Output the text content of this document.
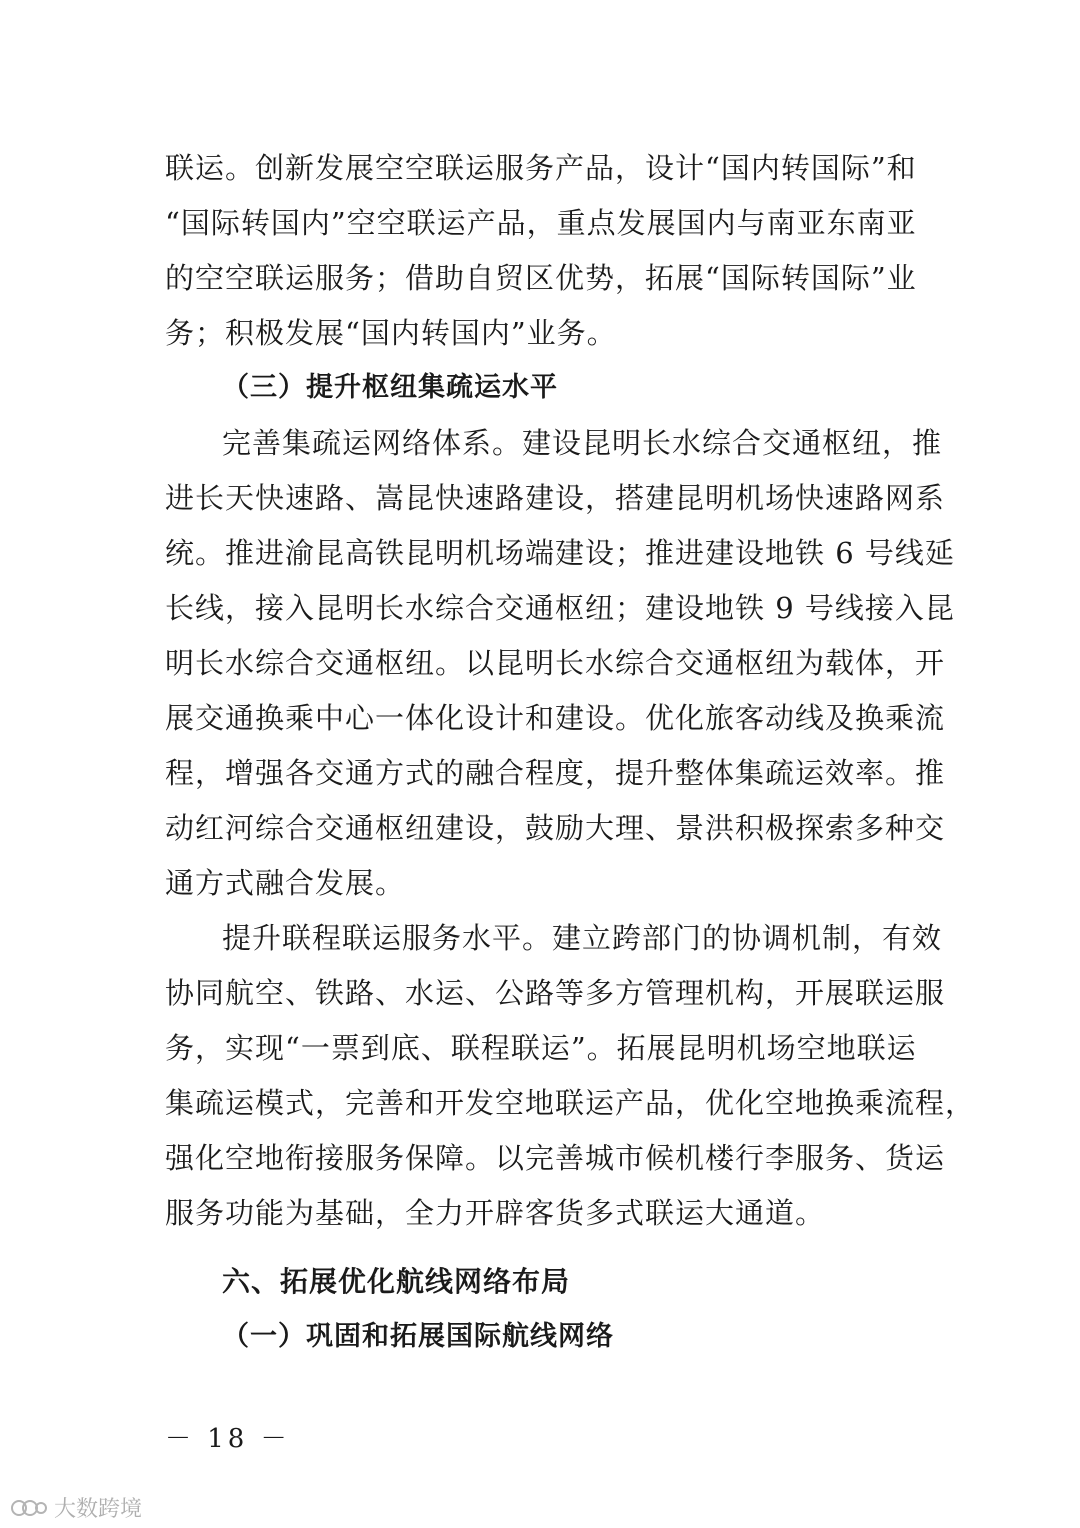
联运。创新发展空空联运服务产品，设计“国内转国际”和
“国际转国内”空空联运产品，重点发展国内与南亚东南亚
的空空联运服务；借助自贸区优势，拓展“国际转国际”业
务；积极发展“国内转国内”业务。
（三）提升枢纽集疏运水平
完善集疏运网络体系。建设昆明长水综合交通枢纽，推
进长天快速路、嵩昆快速路建设，搭建昆明机场快速路网系
统。推进渝昆高铁昆明机场端建设；推进建设地铁 6 号线延
长线，接入昆明长水综合交通枢纽；建设地铁 9 号线接入昆
明长水综合交通枢纽。以昆明长水综合交通枢纽为载体，开
展交通换乘中心一体化设计和建设。优化旅客动线及换乘流
程，增强各交通方式的融合程度，提升整体集疏运效率。推
动红河综合交通枢纽建设，鼓励大理、景洪积极探索多种交
通方式融合发展。
提升联程联运服务水平。建立跨部门的协调机制，有效
协同航空、铁路、水运、公路等多方管理机构，开展联运服
务，实现“一票到底、联程联运”。拓展昆明机场空地联运
集疏运模式，完善和开发空地联运产品，优化空地换乘流程，
强化空地衔接服务保障。以完善城市候机楼行李服务、货运
服务功能为基础，全力开辟客货多式联运大通道。
六、拓展优化航线网络布局
（一）巩固和拓展国际航线网络
－ 18 －
大数跨境
